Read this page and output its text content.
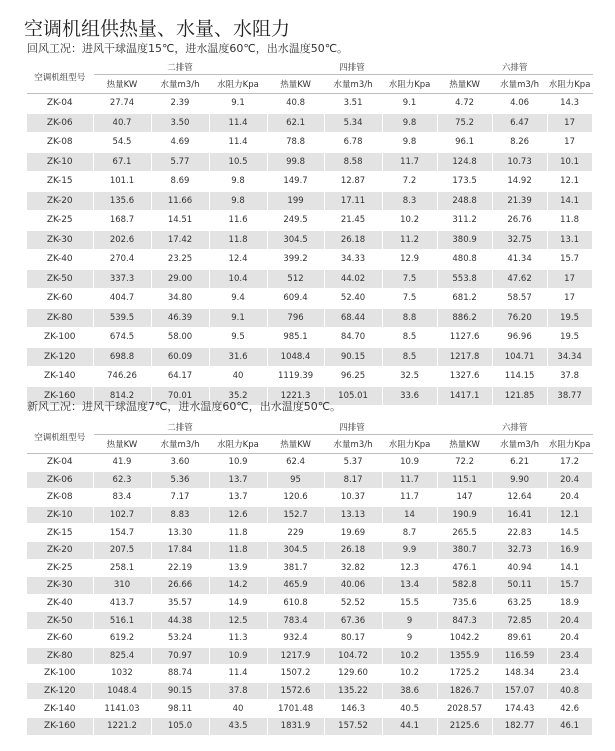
空调机组供热量、水量、水阻力
回风工况：进风干球温度15℃，进水温度60℃，出水温度50℃。
空调机组型号	二排管			四排管			六排管		
	热量KW	水量m3/h	水阻力Kpa	热量KW	水量m3/h	水阻力Kpa	热量KW	水量m3/h	水阻力Kpa
ZK-04	27.74	2.39	9.1	40.8	3.51	9.1	4.72	4.06	14.3
ZK-06	40.7	3.50	11.4	62.1	5.34	9.8	75.2	6.47	17
ZK-08	54.5	4.69	11.4	78.8	6.78	9.8	96.1	8.26	17
ZK-10	67.1	5.77	10.5	99.8	8.58	11.7	124.8	10.73	10.1
ZK-15	101.1	8.69	9.8	149.7	12.87	7.2	173.5	14.92	12.1
ZK-20	135.6	11.66	9.8	199	17.11	8.3	248.8	21.39	14.1
ZK-25	168.7	14.51	11.6	249.5	21.45	10.2	311.2	26.76	11.8
ZK-30	202.6	17.42	11.8	304.5	26.18	11.2	380.9	32.75	13.1
ZK-40	270.4	23.25	12.4	399.2	34.33	12.9	480.8	41.34	15.7
ZK-50	337.3	29.00	10.4	512	44.02	7.5	553.8	47.62	17
ZK-60	404.7	34.80	9.4	609.4	52.40	7.5	681.2	58.57	17
ZK-80	539.5	46.39	9.1	796	68.44	8.8	886.2	76.20	19.5
ZK-100	674.5	58.00	9.5	985.1	84.70	8.5	1127.6	96.96	19.5
ZK-120	698.8	60.09	31.6	1048.4	90.15	8.5	1217.8	104.71	34.34
ZK-140	746.26	64.17	40	1119.39	96.25	32.5	1327.6	114.15	37.8
ZK-160	814.2	70.01	35.2	1221.3	105.01	33.6	1417.1	121.85	38.77
新风工况：进风干球温度7℃，进水温度60℃，出水温度50℃。
空调机组型号	二排管			四排管			六排管		
	热量KW	水量m3/h	水阻力Kpa	热量KW	水量m3/h	水阻力Kpa	热量KW	水量m3/h	水阻力Kpa
ZK-04	41.9	3.60	10.9	62.4	5.37	10.9	72.2	6.21	17.2
ZK-06	62.3	5.36	13.7	95	8.17	11.7	115.1	9.90	20.4
ZK-08	83.4	7.17	13.7	120.6	10.37	11.7	147	12.64	20.4
ZK-10	102.7	8.83	12.6	152.7	13.13	14	190.9	16.41	12.1
ZK-15	154.7	13.30	11.8	229	19.69	8.7	265.5	22.83	14.5
ZK-20	207.5	17.84	11.8	304.5	26.18	9.9	380.7	32.73	16.9
ZK-25	258.1	22.19	13.9	381.7	32.82	12.3	476.1	40.94	14.1
ZK-30	310	26.66	14.2	465.9	40.06	13.4	582.8	50.11	15.7
ZK-40	413.7	35.57	14.9	610.8	52.52	15.5	735.6	63.25	18.9
ZK-50	516.1	44.38	12.5	783.4	67.36	9	847.3	72.85	20.4
ZK-60	619.2	53.24	11.3	932.4	80.17	9	1042.2	89.61	20.4
ZK-80	825.4	70.97	10.9	1217.9	104.72	10.2	1355.9	116.59	23.4
ZK-100	1032	88.74	11.4	1507.2	129.60	10.2	1725.2	148.34	23.4
ZK-120	1048.4	90.15	37.8	1572.6	135.22	38.6	1826.7	157.07	40.8
ZK-140	1141.03	98.11	40	1701.48	146.3	40.5	2028.57	174.43	42.6
ZK-160	1221.2	105.0	43.5	1831.9	157.52	44.1	2125.6	182.77	46.1
